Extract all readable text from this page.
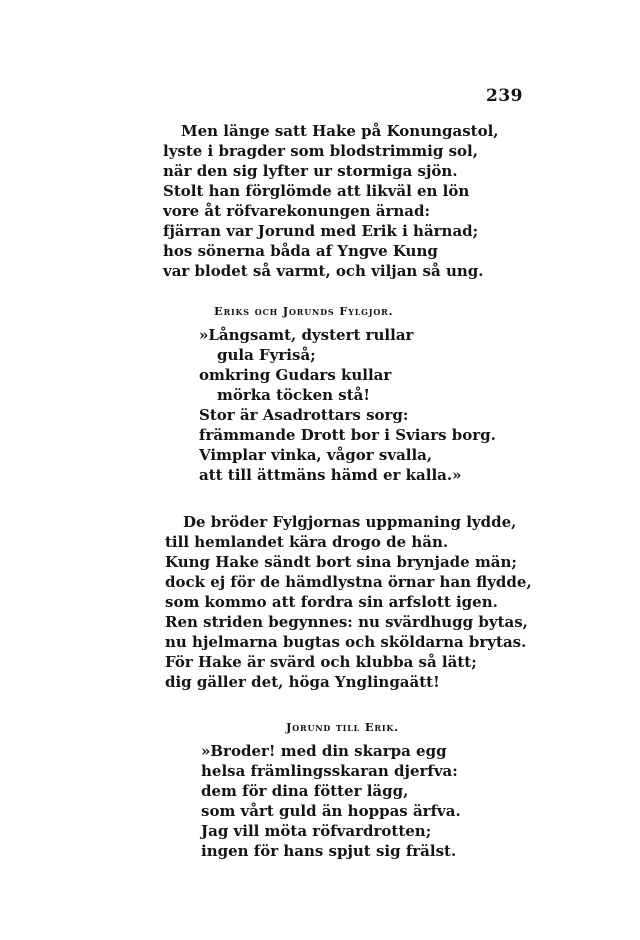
239
Men länge satt Hake på Konungastol,
lyste i bragder som blodstrimmig sol,
när den sig lyfter ur stormiga sjön.
Stolt han förglömde att likväl en lön
vore åt röfvarekonungen ärnad:
fjärran var Jorund med Erik i härnad;
hos sönerna båda af Yngve Kung
var blodet så varmt, och viljan så ung.
Eriks och Jorunds Fylgjor.
»Långsamt, dystert rullar
gula Fyriså;
omkring Gudars kullar
mörka töcken stå!
Stor är Asadrottars sorg:
främmande Drott bor i Sviars borg.
Vimplar vinka, vågor svalla,
att till ättmäns hämd er kalla.»
De bröder Fylgjornas uppmaning lydde,
till hemlandet kära drogo de hän.
Kung Hake sändt bort sina brynjade män;
dock ej för de hämdlystna örnar han flydde,
som kommo att fordra sin arfslott igen.
Ren striden begynnes: nu svärdhugg bytas,
nu hjelmarna bugtas och sköldarna brytas.
För Hake är svärd och klubba så lätt;
dig gäller det, höga Ynglingaätt!
Jorund till Erik.
»Broder! med din skarpa egg
helsa främlingsskaran djerfva:
dem för dina fötter lägg,
som vårt guld än hoppas ärfva.
Jag vill möta röfvardrotten;
ingen för hans spjut sig frälst.
